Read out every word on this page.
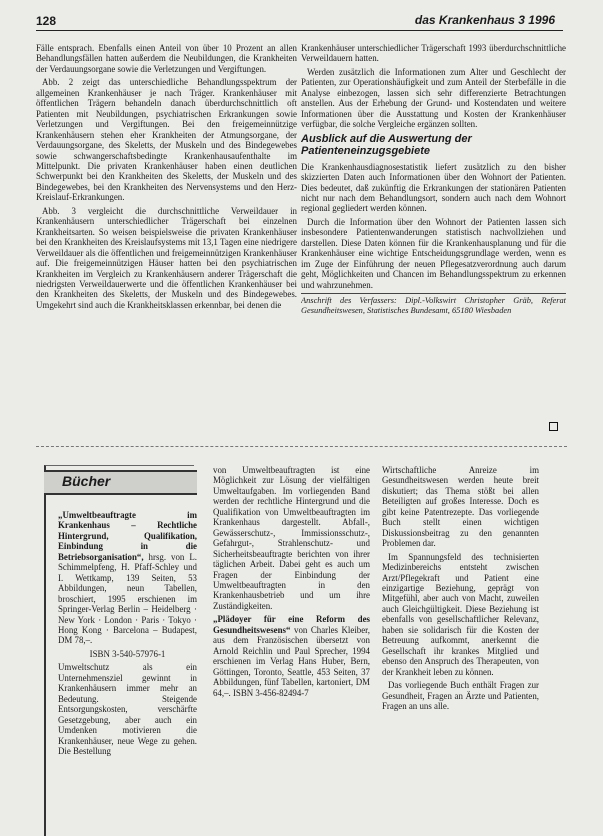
128	das Krankenhaus 3 1996

Fälle entsprach. Ebenfalls einen Anteil von über 10 Prozent an allen Behandlungsfällen hatten außerdem die Neubildungen, die Krankheiten der Verdauungsorgane sowie die Verletzungen und Vergiftungen.

Abb. 2 zeigt das unterschiedliche Behandlungsspektrum der allgemeinen Krankenhäuser je nach Träger. Krankenhäuser mit öffentlichen Trägern behandeln danach überdurchschnittlich oft Patienten mit Neubildungen, psychiatrischen Erkrankungen sowie Verletzungen und Vergiftungen. Bei den freigemeinnützige Krankenhäusern stehen eher Krankheiten der Atmungsorgane, der Verdauungsorgane, des Skeletts, der Muskeln und des Bindegewebes sowie schwangerschaftsbedingte Krankenhausaufenthalte im Mittelpunkt. Die privaten Krankenhäuser haben einen deutlichen Schwerpunkt bei den Krankheiten des Skeletts, der Muskeln und des Bindegewebes, bei den Krankheiten des Nervensystems und den Herz-Kreislauf-Erkrankungen.

Abb. 3 vergleicht die durchschnittliche Verweildauer in Krankenhäusern unterschiedlicher Trägerschaft bei einzelnen Krankheitsarten. So weisen beispielsweise die privaten Krankenhäuser bei den Krankheiten des Kreislaufsystems mit 13,1 Tagen eine niedrigere Verweildauer als die öffentlichen und freigemeinnützigen Krankenhäuser auf. Die freigemeinnützigen Häuser hatten bei den psychiatrischen Krankheiten im Vergleich zu Krankenhäusern anderer Trägerschaft die niedrigsten Verweildauerwerte und die öffentlichen Krankenhäuser bei den Krankheiten des Skeletts, der Muskeln und des Bindegewebes. Umgekehrt sind auch die Krankheitsklassen erkennbar, bei denen die

Krankenhäuser unterschiedlicher Trägerschaft 1993 überdurchschnittliche Verweildauern hatten.

Werden zusätzlich die Informationen zum Alter und Geschlecht der Patienten, zur Operationshäufigkeit und zum Anteil der Sterbefälle in die Analyse einbezogen, lassen sich sehr differenzierte Betrachtungen anstellen. Aus der Erhebung der Grund- und Kostendaten und weitere Informationen über die Ausstattung und Kosten der Krankenhäuser verfügbar, die solche Vergleiche ergänzen sollten.

Ausblick auf die Auswertung der Patienteneinzugsgebiete

Die Krankenhausdiagnosestatistik liefert zusätzlich zu den bisher skizzierten Daten auch Informationen über den Wohnort der Patienten. Dies bedeutet, daß zukünftig die Erkrankungen der stationären Patienten nicht nur nach dem Behandlungsort, sondern auch nach dem Wohnort regional gegliedert werden können.

Durch die Information über den Wohnort der Patienten lassen sich insbesondere Patientenwanderungen statistisch nachvollziehen und darstellen. Diese Daten können für die Krankenhausplanung und für die Krankenhäuser eine wichtige Entscheidungsgrundlage werden, wenn es im Zuge der Einführung der neuen Pflegesatzverordnung auch darum geht, Möglichkeiten und Chancen im Behandlungsspektrum zu erkennen und wahrzunehmen.

Anschrift des Verfassers: Dipl.-Volkswirt Christopher Gräb, Referat Gesundheitswesen, Statistisches Bundesamt, 65180 Wiesbaden
Bücher

„Umweltbeauftragte im Krankenhaus – Rechtliche Hintergrund, Qualifikation, Einbindung in die Betriebsorganisation“, hrsg. von L. Schimmelpfeng, H. Pfaff-Schley und I. Wettkamp, 139 Seiten, 53 Abbildungen, neun Tabellen, broschiert, 1995 erschienen im Springer-Verlag Berlin – Heidelberg · New York · London · Paris · Tokyo · Hong Kong · Barcelona – Budapest, DM 78,–.

ISBN 3-540-57976-1

Umweltschutz als ein Unternehmensziel gewinnt in Krankenhäusern immer mehr an Bedeutung. Steigende Entsorgungskosten, verschärfte Gesetzgebung, aber auch ein Umdenken motivieren die Krankenhäuser, neue Wege zu gehen. Die Bestellung

von Umweltbeauftragten ist eine Möglichkeit zur Lösung der vielfältigen Umweltaufgaben. Im vorliegenden Band werden der rechtliche Hintergrund und die Qualifikation von Umweltbeauftragten im Krankenhaus dargestellt. Abfall-, Gewässerschutz-, Immissionsschutz-, Gefahrgut-, Strahlenschutz- und Sicherheitsbeauftragte berichten von ihrer täglichen Arbeit. Dabei geht es auch um Fragen der Einbindung der Umweltbeauftragten in den Krankenhausbetrieb und um ihre Zuständigkeiten.

„Plädoyer für eine Reform des Gesundheitswesens“ von Charles Kleiber, aus dem Französischen übersetzt von Arnold Reichlin und Paul Sprecher, 1994 erschienen im Verlag Hans Huber, Bern, Göttingen, Toronto, Seattle, 453 Seiten, 37 Abbildungen, fünf Tabellen, kartoniert, DM 64,–. ISBN 3-456-82494-7

Wirtschaftliche Anreize im Gesundheitswesen werden heute breit diskutiert; das Thema stößt bei allen Beteiligten auf großes Interesse. Doch es gibt keine Patentrezepte. Das vorliegende Buch stellt einen wichtigen Diskussionsbeitrag zu den genannten Problemen dar.

Im Spannungsfeld des technisierten Medizinbereichs entsteht zwischen Arzt/Pflegekraft und Patient eine einzigartige Beziehung, geprägt von Mitgefühl, aber auch von Macht, zuweilen auch Gleichgültigkeit. Diese Beziehung ist ebenfalls von gesellschaftlicher Relevanz, haben sie solidarisch für die Kosten der Betreuung aufkommt, anerkennt die Gesellschaft ihr krankes Mitglied und ebenso den Anspruch des Therapeuten, von der Krankheit leben zu können.

Das vorliegende Buch enthält Fragen zur Gesundheit, Fragen an Ärzte und Patienten, Fragen an uns alle.
